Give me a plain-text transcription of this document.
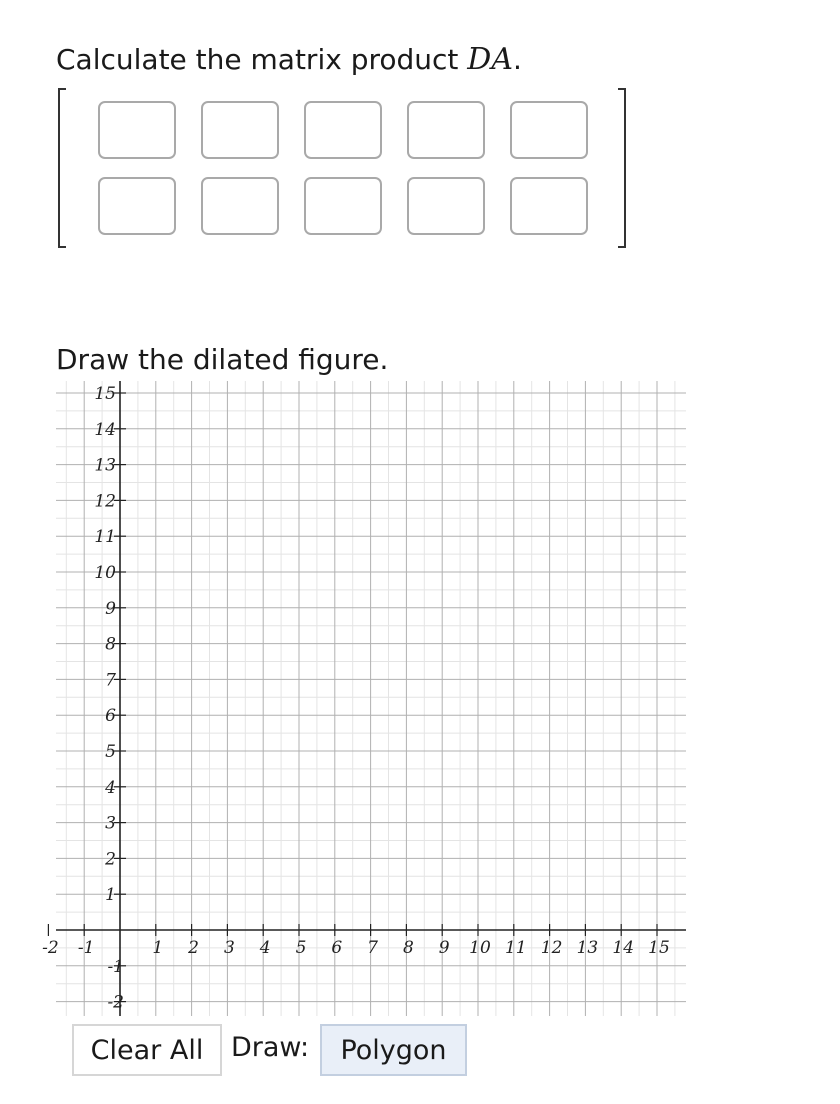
Calculate the matrix product DA.
-2 -1	1 2 3 4 5 6 7 8 9 10 11 12 13 14 15
15
14
13
12
11
10
9
8
7
6
5
4
3
2
1
-1
-2
Draw the dilated figure.
Clear All	Draw:	Polygon
